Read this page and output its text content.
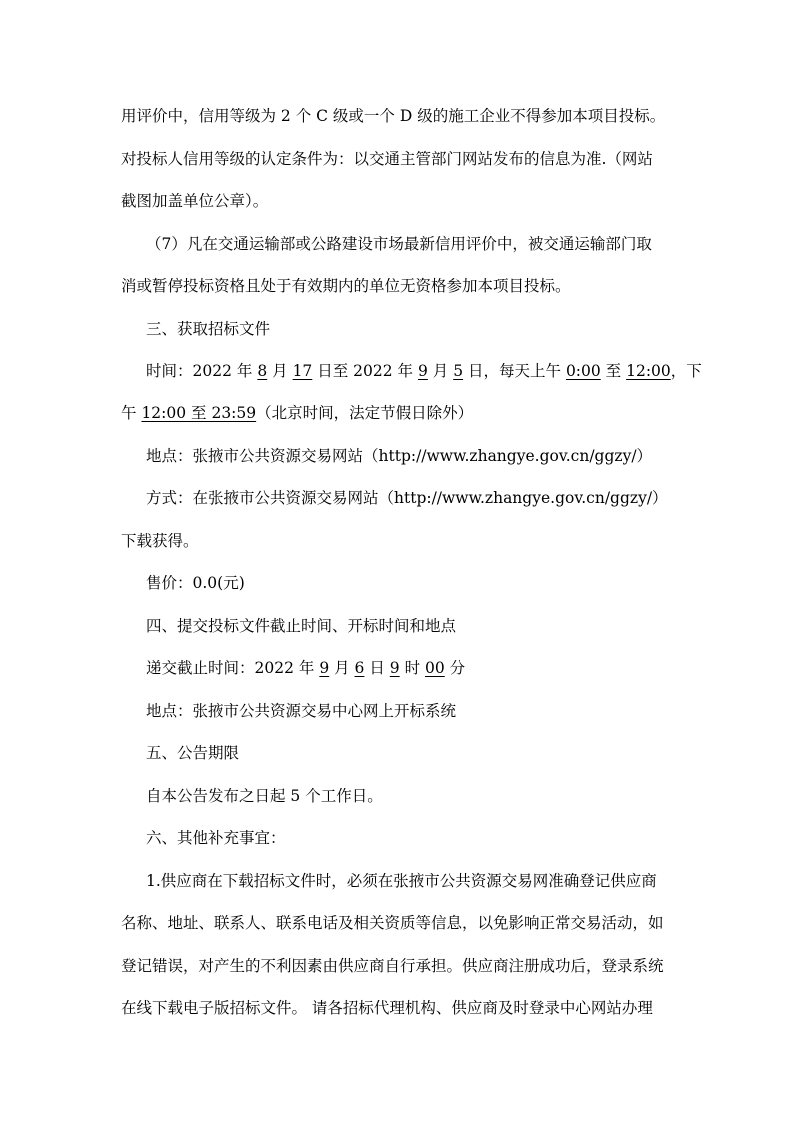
用评价中，信用等级为 2 个 C 级或一个 D 级的施工企业不得参加本项目投标。
对投标人信用等级的认定条件为：以交通主管部门网站发布的信息为准.（网站
截图加盖单位公章）。
（7）凡在交通运输部或公路建设市场最新信用评价中，被交通运输部门取
消或暂停投标资格且处于有效期内的单位无资格参加本项目投标。
三、获取招标文件
时间：2022 年 8 月 17 日至 2022 年 9 月 5 日，每天上午 0:00 至 12:00，下
午 12:00 至 23:59（北京时间，法定节假日除外）
地点：张掖市公共资源交易网站（http://www.zhangye.gov.cn/ggzy/）
方式：在张掖市公共资源交易网站（http://www.zhangye.gov.cn/ggzy/）
下载获得。
售价：0.0(元)
四、提交投标文件截止时间、开标时间和地点
递交截止时间：2022 年 9 月 6 日 9 时 00 分
地点：张掖市公共资源交易中心网上开标系统
五、公告期限
自本公告发布之日起 5 个工作日。
六、其他补充事宜：
1.供应商在下载招标文件时，必须在张掖市公共资源交易网准确登记供应商
名称、地址、联系人、联系电话及相关资质等信息，以免影响正常交易活动，如
登记错误，对产生的不利因素由供应商自行承担。供应商注册成功后，登录系统
在线下载电子版招标文件。 请各招标代理机构、供应商及时登录中心网站办理
